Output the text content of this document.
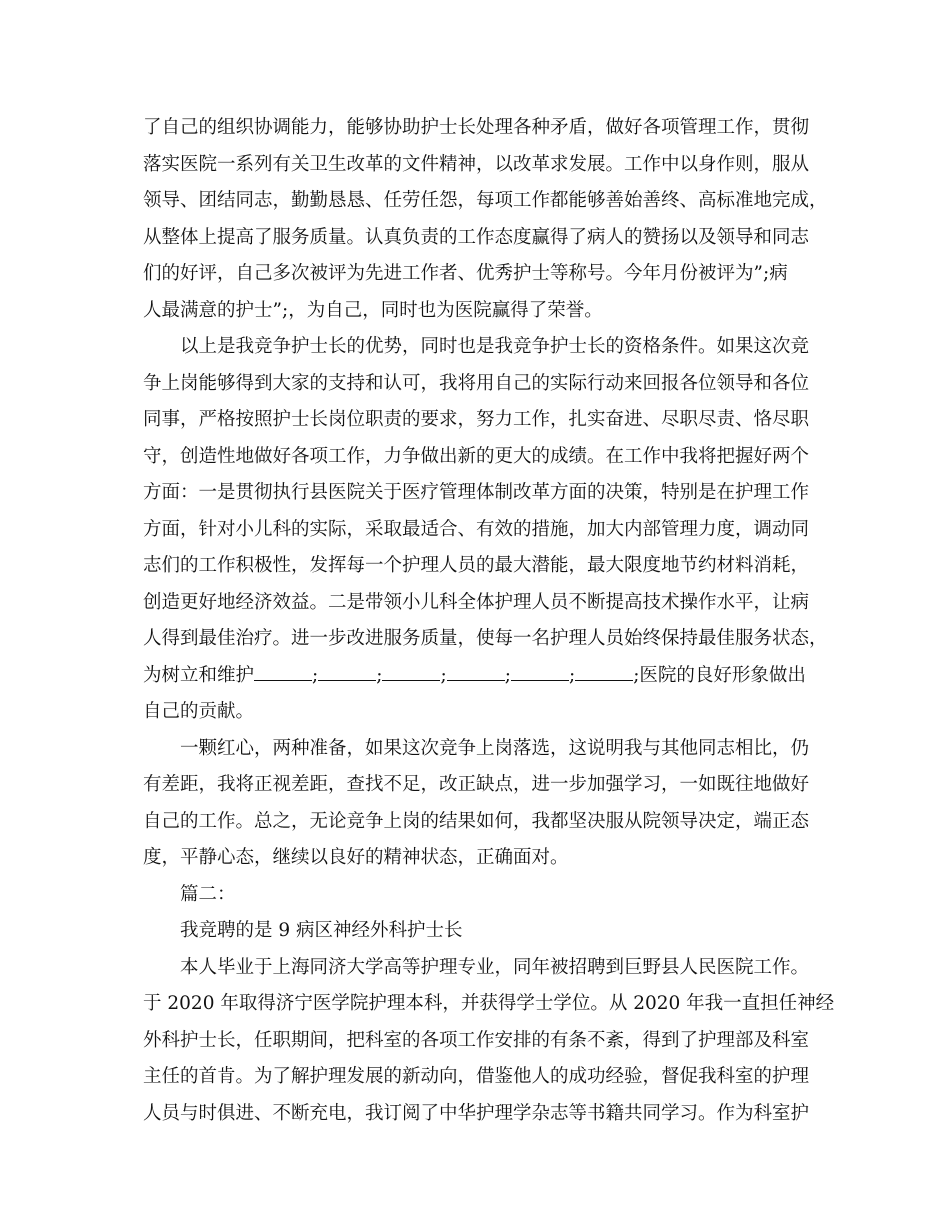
了自己的组织协调能力，能够协助护士长处理各种矛盾，做好各项管理工作，贯彻
落实医院一系列有关卫生改革的文件精神，以改革求发展。工作中以身作则，服从
领导、团结同志，勤勤恳恳、任劳任怨，每项工作都能够善始善终、高标准地完成，
从整体上提高了服务质量。认真负责的工作态度赢得了病人的赞扬以及领导和同志
们的好评，自己多次被评为先进工作者、优秀护士等称号。今年月份被评为”;病
人最满意的护士”;，为自己，同时也为医院赢得了荣誉。
以上是我竞争护士长的优势，同时也是我竞争护士长的资格条件。如果这次竞
争上岗能够得到大家的支持和认可，我将用自己的实际行动来回报各位领导和各位
同事，严格按照护士长岗位职责的要求，努力工作，扎实奋进、尽职尽责、恪尽职
守，创造性地做好各项工作，力争做出新的更大的成绩。在工作中我将把握好两个
方面：一是贯彻执行县医院关于医疗管理体制改革方面的决策，特别是在护理工作
方面，针对小儿科的实际，采取最适合、有效的措施，加大内部管理力度，调动同
志们的工作积极性，发挥每一个护理人员的最大潜能，最大限度地节约材料消耗，
创造更好地经济效益。二是带领小儿科全体护理人员不断提高技术操作水平，让病
人得到最佳治疗。进一步改进服务质量，使每一名护理人员始终保持最佳服务状态，
为树立和维护	;	;	;	;	;	;医院的良好形象做出
自己的贡献。
一颗红心，两种准备，如果这次竞争上岗落选，这说明我与其他同志相比，仍
有差距，我将正视差距，查找不足，改正缺点，进一步加强学习，一如既往地做好
自己的工作。总之，无论竞争上岗的结果如何，我都坚决服从院领导决定，端正态
度，平静心态，继续以良好的精神状态，正确面对。
篇二：
我竞聘的是 9 病区神经外科护士长
本人毕业于上海同济大学高等护理专业，同年被招聘到巨野县人民医院工作。
于 2020 年取得济宁医学院护理本科，并获得学士学位。从 2020 年我一直担任神经
外科护士长，任职期间，把科室的各项工作安排的有条不紊，得到了护理部及科室
主任的首肯。为了解护理发展的新动向，借鉴他人的成功经验，督促我科室的护理
人员与时俱进、不断充电，我订阅了中华护理学杂志等书籍共同学习。作为科室护
